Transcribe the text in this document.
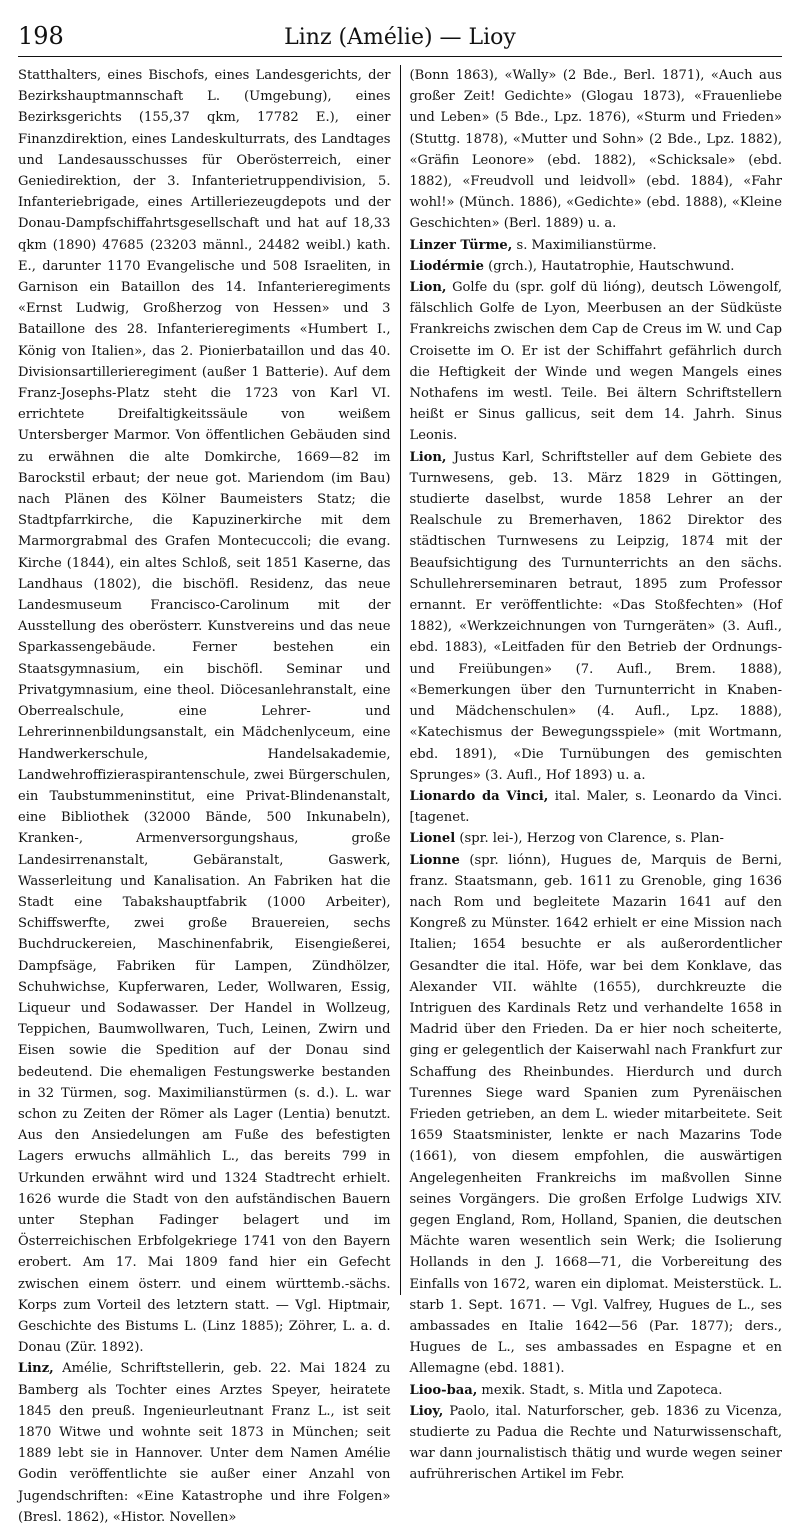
198	Linz (Amélie) — Lioy

Statthalters, eines Bischofs, eines Landesgerichts, der Bezirkshauptmannschaft L. (Umgebung), eines Bezirksgerichts (155,37 qkm, 17782 E.), einer Finanzdirektion, eines Landeskulturrats, des Landtages und Landesausschusses für Oberösterreich, einer Geniedirektion, der 3. Infanterietruppendivision, 5. Infanteriebrigade, eines Artilleriezeugdepots und der Donau-Dampfschiffahrtsgesellschaft und hat auf 18,33 qkm (1890) 47685 (23203 männl., 24482 weibl.) kath. E., darunter 1170 Evangelische und 508 Israeliten, in Garnison ein Bataillon des 14. Infanterieregiments «Ernst Ludwig, Großherzog von Hessen» und 3 Bataillone des 28. Infanterieregiments «Humbert I., König von Italien», das 2. Pionierbataillon und das 40. Divisionsartillerieregiment (außer 1 Batterie). Auf dem Franz-Josephs-Platz steht die 1723 von Karl VI. errichtete Dreifaltigkeitssäule von weißem Untersberger Marmor. Von öffentlichen Gebäuden sind zu erwähnen die alte Domkirche, 1669—82 im Barockstil erbaut; der neue got. Mariendom (im Bau) nach Plänen des Kölner Baumeisters Statz; die Stadtpfarrkirche, die Kapuzinerkirche mit dem Marmorgrabmal des Grafen Montecuccoli; die evang. Kirche (1844), ein altes Schloß, seit 1851 Kaserne, das Landhaus (1802), die bischöfl. Residenz, das neue Landesmuseum Francisco-Carolinum mit der Ausstellung des oberösterr. Kunstvereins und das neue Sparkassengebäude. Ferner bestehen ein Staatsgymnasium, ein bischöfl. Seminar und Privatgymnasium, eine theol. Diöcesanlehranstalt, eine Oberrealschule, eine Lehrer- und Lehrerinnenbildungsanstalt, ein Mädchenlyceum, eine Handwerkerschule, Handelsakademie, Landwehroffizieraspirantenschule, zwei Bürgerschulen, ein Taubstummeninstitut, eine Privat-Blindenanstalt, eine Bibliothek (32000 Bände, 500 Inkunabeln), Kranken-, Armenversorgungshaus, große Landesirrenanstalt, Gebäranstalt, Gaswerk, Wasserleitung und Kanalisation. An Fabriken hat die Stadt eine Tabakshauptfabrik (1000 Arbeiter), Schiffswerfte, zwei große Brauereien, sechs Buchdruckereien, Maschinenfabrik, Eisengießerei, Dampfsäge, Fabriken für Lampen, Zündhölzer, Schuhwichse, Kupferwaren, Leder, Wollwaren, Essig, Liqueur und Sodawasser. Der Handel in Wollzeug, Teppichen, Baumwollwaren, Tuch, Leinen, Zwirn und Eisen sowie die Spedition auf der Donau sind bedeutend. Die ehemaligen Festungswerke bestanden in 32 Türmen, sog. Maximilianstürmen (s. d.). L. war schon zu Zeiten der Römer als Lager (Lentia) benutzt. Aus den Ansiedelungen am Fuße des befestigten Lagers erwuchs allmählich L., das bereits 799 in Urkunden erwähnt wird und 1324 Stadtrecht erhielt. 1626 wurde die Stadt von den aufständischen Bauern unter Stephan Fadinger belagert und im Österreichischen Erbfolgekriege 1741 von den Bayern erobert. Am 17. Mai 1809 fand hier ein Gefecht zwischen einem österr. und einem württemb.-sächs. Korps zum Vorteil des letztern statt. — Vgl. Hiptmair, Geschichte des Bistums L. (Linz 1885); Zöhrer, L. a. d. Donau (Zür. 1892).

Linz, Amélie, Schriftstellerin, geb. 22. Mai 1824 zu Bamberg als Tochter eines Arztes Speyer, heiratete 1845 den preuß. Ingenieurleutnant Franz L., ist seit 1870 Witwe und wohnte seit 1873 in München; seit 1889 lebt sie in Hannover. Unter dem Namen Amélie Godin veröffentlichte sie außer einer Anzahl von Jugendschriften: «Eine Katastrophe und ihre Folgen» (Bresl. 1862), «Histor. Novellen»

(Bonn 1863), «Wally» (2 Bde., Berl. 1871), «Auch aus großer Zeit! Gedichte» (Glogau 1873), «Frauenliebe und Leben» (5 Bde., Lpz. 1876), «Sturm und Frieden» (Stuttg. 1878), «Mutter und Sohn» (2 Bde., Lpz. 1882), «Gräfin Leonore» (ebd. 1882), «Schicksale» (ebd. 1882), «Freudvoll und leidvoll» (ebd. 1884), «Fahr wohl!» (Münch. 1886), «Gedichte» (ebd. 1888), «Kleine Geschichten» (Berl. 1889) u. a.

Linzer Türme, s. Maximilianstürme.

Liodérmie (grch.), Hautatrophie, Hautschwund.

Lion, Golfe du (spr. golf dü lióng), deutsch Löwengolf, fälschlich Golfe de Lyon, Meerbusen an der Südküste Frankreichs zwischen dem Cap de Creus im W. und Cap Croisette im O. Er ist der Schiffahrt gefährlich durch die Heftigkeit der Winde und wegen Mangels eines Nothafens im westl. Teile. Bei ältern Schriftstellern heißt er Sinus gallicus, seit dem 14. Jahrh. Sinus Leonis.

Lion, Justus Karl, Schriftsteller auf dem Gebiete des Turnwesens, geb. 13. März 1829 in Göttingen, studierte daselbst, wurde 1858 Lehrer an der Realschule zu Bremerhaven, 1862 Direktor des städtischen Turnwesens zu Leipzig, 1874 mit der Beaufsichtigung des Turnunterrichts an den sächs. Schullehrerseminaren betraut, 1895 zum Professor ernannt. Er veröffentlichte: «Das Stoßfechten» (Hof 1882), «Werkzeichnungen von Turngeräten» (3. Aufl., ebd. 1883), «Leitfaden für den Betrieb der Ordnungs- und Freiübungen» (7. Aufl., Brem. 1888), «Bemerkungen über den Turnunterricht in Knaben- und Mädchenschulen» (4. Aufl., Lpz. 1888), «Katechismus der Bewegungsspiele» (mit Wortmann, ebd. 1891), «Die Turnübungen des gemischten Sprunges» (3. Aufl., Hof 1893) u. a.

Lionardo da Vinci, ital. Maler, s. Leonardo da Vinci. [tagenet.

Lionel (spr. lei-), Herzog von Clarence, s. Plan-

Lionne (spr. liónn), Hugues de, Marquis de Berni, franz. Staatsmann, geb. 1611 zu Grenoble, ging 1636 nach Rom und begleitete Mazarin 1641 auf den Kongreß zu Münster. 1642 erhielt er eine Mission nach Italien; 1654 besuchte er als außerordentlicher Gesandter die ital. Höfe, war bei dem Konklave, das Alexander VII. wählte (1655), durchkreuzte die Intriguen des Kardinals Retz und verhandelte 1658 in Madrid über den Frieden. Da er hier noch scheiterte, ging er gelegentlich der Kaiserwahl nach Frankfurt zur Schaffung des Rheinbundes. Hierdurch und durch Turennes Siege ward Spanien zum Pyrenäischen Frieden getrieben, an dem L. wieder mitarbeitete. Seit 1659 Staatsminister, lenkte er nach Mazarins Tode (1661), von diesem empfohlen, die auswärtigen Angelegenheiten Frankreichs im maßvollen Sinne seines Vorgängers. Die großen Erfolge Ludwigs XIV. gegen England, Rom, Holland, Spanien, die deutschen Mächte waren wesentlich sein Werk; die Isolierung Hollands in den J. 1668—71, die Vorbereitung des Einfalls von 1672, waren ein diplomat. Meisterstück. L. starb 1. Sept. 1671. — Vgl. Valfrey, Hugues de L., ses ambassades en Italie 1642—56 (Par. 1877); ders., Hugues de L., ses ambassades en Espagne et en Allemagne (ebd. 1881).

Lioo-baa, mexik. Stadt, s. Mitla und Zapoteca.

Lioy, Paolo, ital. Naturforscher, geb. 1836 zu Vicenza, studierte zu Padua die Rechte und Naturwissenschaft, war dann journalistisch thätig und wurde wegen seiner aufrührerischen Artikel im Febr.
